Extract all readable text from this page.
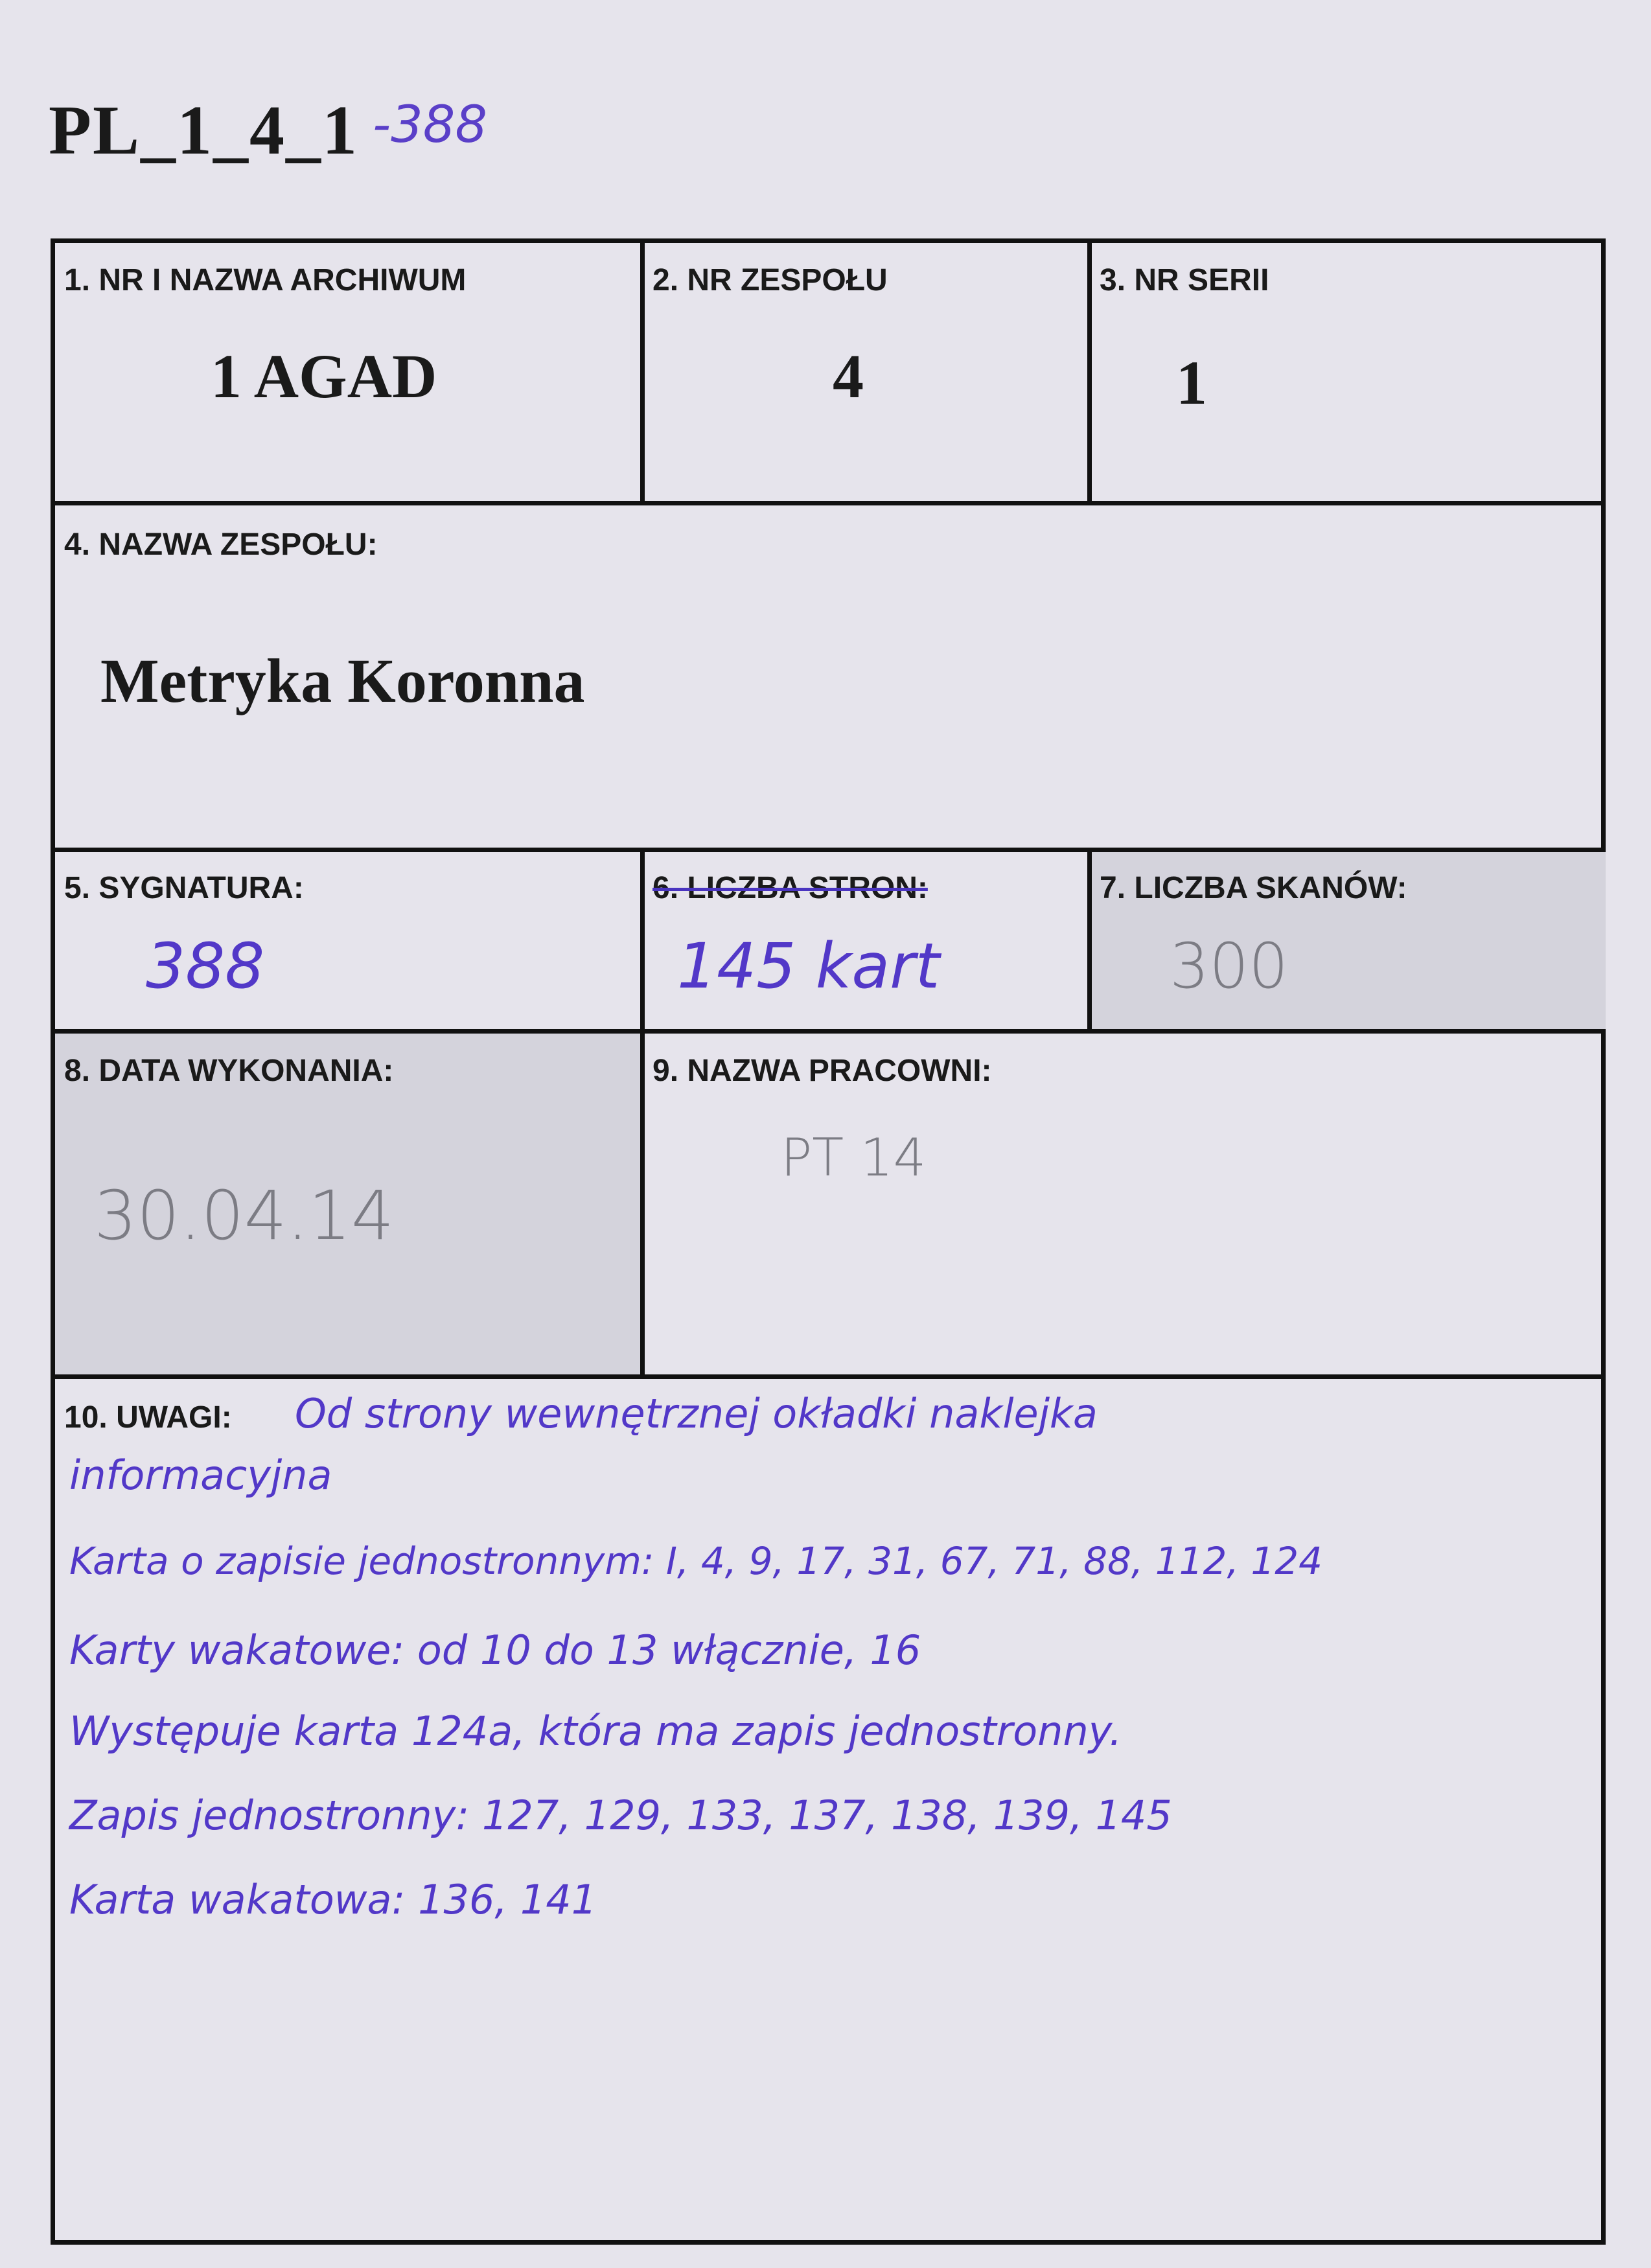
PL_1_4_1 -388
1. NR I NAZWA ARCHIWUM
1 AGAD
2. NR ZESPOŁU
4
3. NR SERII
1
4. NAZWA ZESPOŁU:
Metryka Koronna
5. SYGNATURA:
388
6. LICZBA STRON:
145 kart
7. LICZBA SKANÓW:
300
8. DATA WYKONANIA:
30.04.14
9. NAZWA PRACOWNI:
PT 14
10. UWAGI: Od strony wewnętrznej okładki naklejka
informacyjna
Karta o zapisie jednostronnym: I, 4, 9, 17, 31, 67, 71, 88, 112, 124
Karty wakatowe: od 10 do 13 włącznie, 16
Występuje karta 124a, która ma zapis jednostronny.
Zapis jednostronny: 127, 129, 133, 137, 138, 139, 145
Karta wakatowa: 136, 141
